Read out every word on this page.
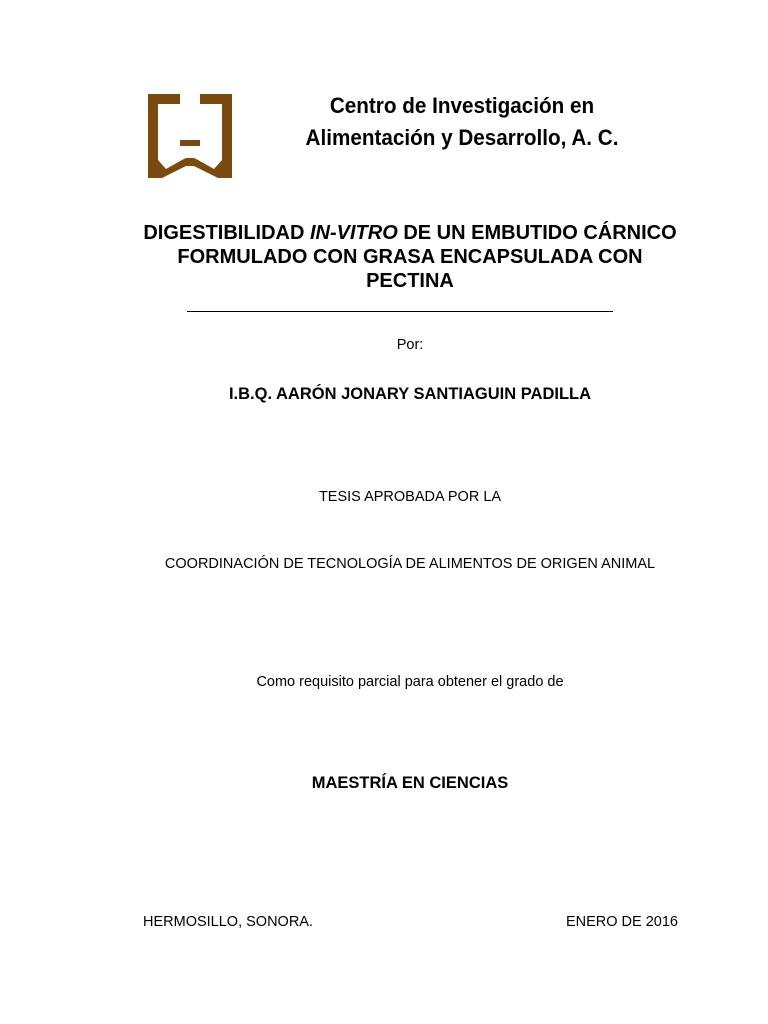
Centro de Investigación en
Alimentación y Desarrollo, A. C.
DIGESTIBILIDAD IN-VITRO DE UN EMBUTIDO CÁRNICO
FORMULADO CON GRASA ENCAPSULADA CON
PECTINA
Por:
I.B.Q. AARÓN JONARY SANTIAGUIN PADILLA
TESIS APROBADA POR LA
COORDINACIÓN DE TECNOLOGÍA DE ALIMENTOS DE ORIGEN ANIMAL
Como requisito parcial para obtener el grado de
MAESTRÍA EN CIENCIAS
HERMOSILLO, SONORA.	ENERO DE 2016
